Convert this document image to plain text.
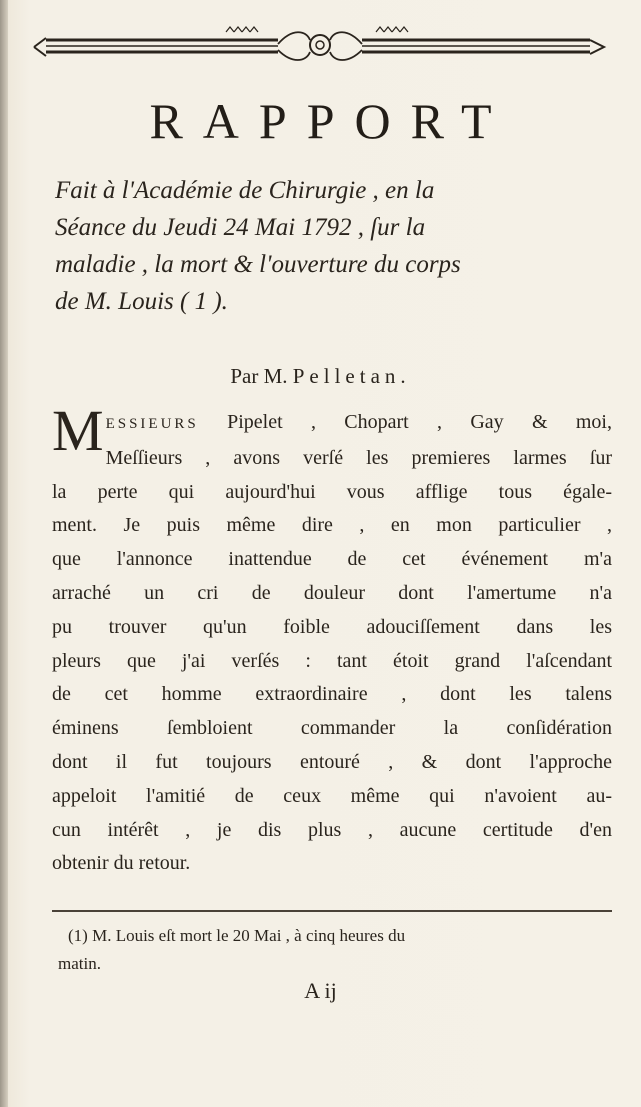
RAPPORT
Fait à l'Académie de Chirurgie , en la
Séance du Jeudi 24 Mai 1792 , ſur la
maladie , la mort & l'ouverture du corps
de M. Louis ( 1 ).
Par M. Pelletan.
M ESSIEURS Pipelet , Chopart , Gay & moi,
Meſſieurs , avons verſé les premieres larmes ſur
la perte qui aujourd'hui vous afflige tous égale-
ment. Je puis même dire , en mon particulier ,
que l'annonce inattendue de cet événement m'a
arraché un cri de douleur dont l'amertume n'a
pu trouver qu'un foible adouciſſement dans les
pleurs que j'ai verſés : tant étoit grand l'aſcendant
de cet homme extraordinaire , dont les talens
éminens ſembloient commander la conſidération
dont il fut toujours entouré , & dont l'approche
appeloit l'amitié de ceux même qui n'avoient au-
cun intérêt , je dis plus , aucune certitude d'en
obtenir du retour.
(1) M. Louis eſt mort le 20 Mai , à cinq heures du
matin.
A ij
